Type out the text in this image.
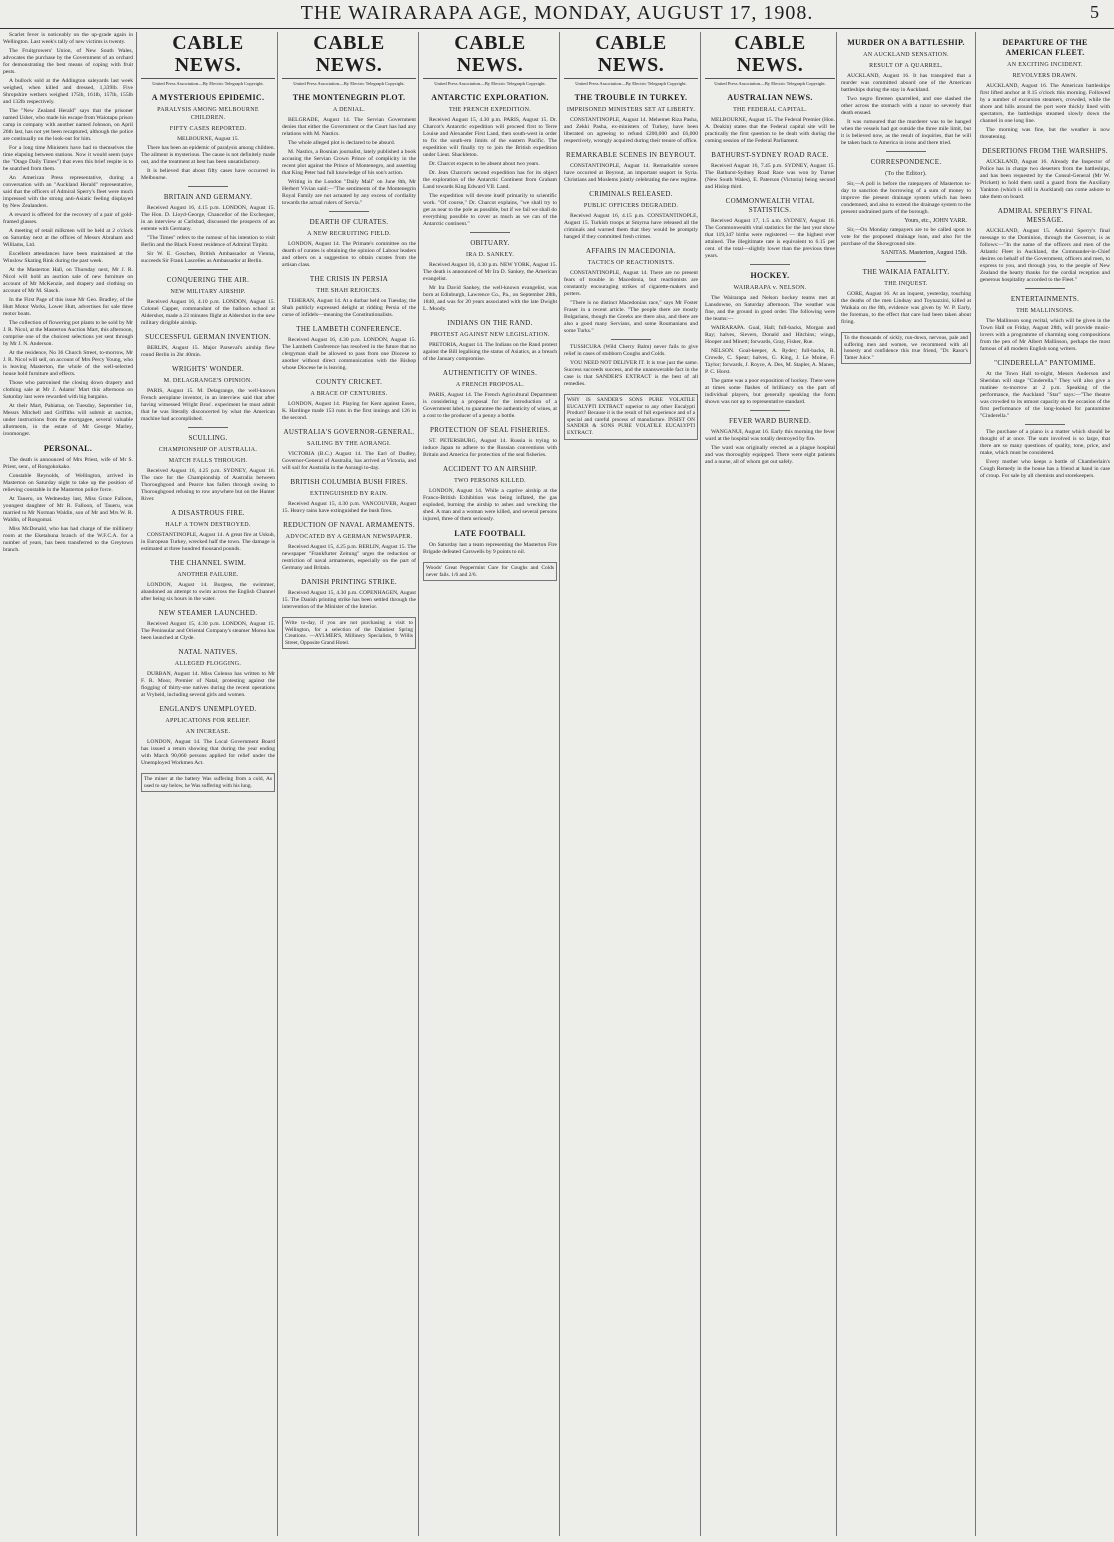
THE WAIRARAPA AGE, MONDAY, AUGUST 17, 1908.	5

Scarlet fever is noticeably on the up-grade again in Wellington. Last week's tally of new victims is twenty.

The Fruitgrowers' Union, of New South Wales, advocates the purchase by the Government of an orchard for demonstrating the best means of coping with fruit pests.

A bullock sold at the Addington saleyards last week weighed, when killed and dressed, 1,339lb. Five Shropshire wethers weighed 175lb, 161lb, 157lb, 155lb and 132lb respectively.

The "New Zealand Herald" says that the prisoner named Usher, who made his escape from Waiotapu prison camp in company with another named Johnson, on April 26th last, has not yet been recaptured, although the police are continually on the look-out for him.

For a long time Ministers have had to themselves the time elapsing between stations. Now it would seem (says the "Otago Daily Times") that even this brief respite is to be snatched from them.

An American Press representative, during a conversation with an "Auckland Herald" representative, said that the officers of Admiral Sperry's fleet were much impressed with the strong anti-Asiatic feeling displayed by New Zealanders.

A reward is offered for the recovery of a pair of gold-framed glasses.

A meeting of retail milkmen will be held at 2 o'clock on Saturday next at the offices of Messrs Abraham and Williams, Ltd.

Excellent attendances have been maintained at the Winslow Skating Rink during the past week.

At the Masterton Hall, on Thursday next, Mr J. R. Nicol will hold an auction sale of new furniture on account of Mr McKenzie, and drapery and clothing on account of Mr M. Slasck.

In the First Page of this issue Mr Geo. Bradley, of the Hutt Motor Works, Lower Hutt, advertises for sale three motor boats.

The collection of flowering pot plants to be sold by Mr J. R. Nicol, at the Masterton Auction Mart, this afternoon, comprise one of the choicest selections yet sent through by Mr J. N. Anderson.

At the residence, No 36 Church Street, to-morrow, Mr J. R. Nicol will sell, on account of Mrs Percy Young, who is leaving Masterton, the whole of the well-selected house hold furniture and effects.

Those who patronised the closing down drapery and clothing sale at Mr J. Adams' Mart this afternoon on Saturday last were rewarded with big bargains.

At their Mart, Pahiatua, on Tuesday, September 1st, Messrs Mitchell and Griffiths will submit at auction, under instructions from the mortgagee, several valuable allotments, in the estate of Mr George Marley, ironmonger.

PERSONAL.

The death is announced of Mrs Priest, wife of Mr S. Priest, senr., of Rongokokako.

Constable Reynolds, of Wellington, arrived in Masterton on Saturday night to take up the position of relieving constable in the Masterton police force.

At Taueru, on Wednesday last, Miss Grace Falloon, youngest daughter of Mr R. Falloon, of Taueru, was married to Mr Norman Waldin, son of Mr and Mrs W. R. Waldin, of Rongomai.

Miss McDonald, who has had charge of the millinery room at the Eketahuna branch of the W.F.C.A. for a number of years, has been transferred to the Greytown branch.

CABLE NEWS.
United Press Association—By Electric Telegraph Copyright.
A MYSTERIOUS EPIDEMIC.
PARALYSIS AMONG MELBOURNE CHILDREN.
FIFTY CASES REPORTED.
MELBOURNE, August 15.

There has been an epidemic of paralysis among children. The ailment is mysterious. The cause is not definitely made out, and the treatment at best has been unsatisfactory.

It is believed that about fifty cases have occurred in Melbourne.

BRITAIN AND GERMANY.

Received August 16, 4.15 p.m. LONDON, August 15. The Hon. D. Lloyd-George, Chancellor of the Exchequer, in an interview at Carlsbad, discussed the prospects of an entente with Germany.

"The Times" refers to the rumour of his intention to visit Berlin and the Black Forest residence of Admiral Tirpitz.

Sir W. E. Goschen, British Ambassador at Vienna, succeeds Sir Frank Lascelles as Ambassador at Berlin.

CONQUERING THE AIR.
NEW MILITARY AIRSHIP.

Received August 16, 4.10 p.m. LONDON, August 15. Colonel Capper, commandant of the balloon school at Aldershot, made a 23 minutes flight at Aldershot in the new military dirigible airship.

SUCCESSFUL GERMAN INVENTION.

BERLIN, August 15. Major Parseval's airship flew round Berlin in 2hr 40min.

WRIGHTS' WONDER.
M. DELAGRANGE'S OPINION.

PARIS, August 15. M. Delagrange, the well-known French aeroplane inventor, in an interview said that after having witnessed Wright Bros'. experiment he must admit that he was literally disconcerted by what the American machine had accomplished.

SCULLING.
CHAMPIONSHIP OF AUSTRALIA.
MATCH FALLS THROUGH.

Received August 16, 4.25 p.m. SYDNEY, August 16. The race for the Championship of Australia between Thoroughgood and Pearce has fallen through owing to Thoroughgood refusing to row anywhere but on the Hunter River.

A DISASTROUS FIRE.
HALF A TOWN DESTROYED.

CONSTANTINOPLE, August 14. A great fire at Uskub, in European Turkey, wrecked half the town. The damage is estimated at three hundred thousand pounds.

THE CHANNEL SWIM.
ANOTHER FAILURE.

LONDON, August 14. Burgess, the swimmer, abandoned an attempt to swim across the English Channel after being six hours in the water.

NEW STEAMER LAUNCHED.

Received August 15, 4.30 p.m. LONDON, August 15. The Peninsular and Oriental Company's steamer Morea has been launched at Clyde.

NATAL NATIVES.
ALLEGED FLOGGING.

DURBAN, August 14. Miss Colenso has written to Mr F. R. Moor, Premier of Natal, protesting against the flogging of thirty-one natives during the recent operations at Vryheid, including several girls and women.

ENGLAND'S UNEMPLOYED.
APPLICATIONS FOR RELIEF.
AN INCREASE.

LONDON, August 14. The Local Government Board has issued a return showing that during the year ending with March 90,060 persons applied for relief under the Unemployed Workmen Act.

The miner at the battery Was suffering from a cold, As used to say below, he Was suffering with his lung.
CABLE NEWS.
United Press Association—By Electric Telegraph Copyright.
THE MONTENEGRIN PLOT.
A DENIAL.

BELGRADE, August 14. The Servian Government denies that either the Government or the Court has had any relations with M. Nastics.

The whole alleged plot is declared to be absurd.

M. Nastics, a Bosnian journalist, lately published a book accusing the Servian Crown Prince of complicity in the recent plot against the Prince of Montenegro, and asserting that King Peter had full knowledge of his son's action.

Writing in the London "Daily Mail" on June 8th, Mr Herbert Vivian said:—"The sentiments of the Montenegrin Royal Family are not actuated by any excess of cordiality towards the actual rulers of Servia."

DEARTH OF CURATES.
A NEW RECRUITING FIELD.

LONDON, August 14. The Primate's committee on the dearth of curates is obtaining the opinion of Labour leaders and others on a suggestion to obtain curates from the artisan class.

THE CRISIS IN PERSIA
THE SHAH REJOICES.

TEHERAN, August 14. At a durbar held on Tuesday, the Shah publicly expressed delight at ridding Persia of the curse of infidels—meaning the Constitutionalists.

THE LAMBETH CONFERENCE.

Received August 16, 4.30 p.m. LONDON, August 15. The Lambeth Conference has resolved in the future that no clergyman shall be allowed to pass from one Diocese to another without direct communication with the Bishop whose Diocese he is leaving.

COUNTY CRICKET.
A BRACE OF CENTURIES.

LONDON, August 14. Playing for Kent against Essex, K. Hardinge made 153 runs in the first innings and 126 in the second.

AUSTRALIA'S GOVERNOR-GENERAL.
SAILING BY THE AORANGI.

VICTORIA (B.C.) August 14. The Earl of Dudley, Governor-General of Australia, has arrived at Victoria, and will sail for Australia in the Aorangi to-day.

BRITISH COLUMBIA BUSH FIRES.
EXTINGUISHED BY RAIN.

Received August 15, 4.30 p.m. VANCOUVER, August 15. Heavy rains have extinguished the bush fires.

REDUCTION OF NAVAL ARMAMENTS.
ADVOCATED BY A GERMAN NEWSPAPER.

Received August 15, 4.25 p.m. BERLIN, August 15. The newspaper "Frankfurter Zeitung" urges the reduction or restriction of naval armaments, especially on the part of Germany and Britain.

DANISH PRINTING STRIKE.

Received August 15, 4.30 p.m. COPENHAGEN, August 15. The Danish printing strike has been settled through the intervention of the Minister of the Interior.

Write to-day, if you are not purchasing a visit to Wellington, for a selection of the Daintiest Spring Creations. —AYLMER'S, Millinery Specialists, 9 Willis Street, Opposite Grand Hotel.
CABLE NEWS.
United Press Association—By Electric Telegraph Copyright.
ANTARCTIC EXPLORATION.
THE FRENCH EXPEDITION.

Received August 15, 4.30 p.m. PARIS, August 15. Dr. Charcot's Antarctic expedition will proceed first to Terre Louise and Alexander First Land, then south-west in order to fix the south-ern limits of the eastern Pacific. The expedition will finally try to join the British expedition under Lieut. Shackleton.

Dr. Charcot expects to be absent about two years.

Dr. Jean Charcot's second expedition has for its object the exploration of the Antarctic Continent from Graham Land towards King Edward VII. Land.

The expedition will devote itself primarily to scientific work. "Of course," Dr. Charcot explains, "we shall try to get as near to the pole as possible, but if we fail we shall do everything possible to cover as much as we can of the Antarctic continent."

OBITUARY.
IRA D. SANKEY.

Received August 16, 4.30 p.m. NEW YORK, August 15. The death is announced of Mr Ira D. Sankey, the American evangelist.

Mr Ira David Sankey, the well-known evangelist, was born at Edinburgh, Lawrence Co., Pa., on September 28th, 1840, and was for 20 years associated with the late Dwight L. Moody.

INDIANS ON THE RAND.
PROTEST AGAINST NEW LEGISLATION.

PRETORIA, August 14. The Indians on the Rand protest against the Bill legalising the status of Asiatics, as a breach of the January compromise.

AUTHENTICITY OF WINES.
A FRENCH PROPOSAL.

PARIS, August 14. The French Agricultural Department is considering a proposal for the introduction of a Government label, to guarantee the authenticity of wines, at a cost to the producer of a penny a bottle.

PROTECTION OF SEAL FISHERIES.

ST. PETERSBURG, August 14. Russia is trying to induce Japan to adhere to the Russian conventions with Britain and America for protection of the seal fisheries.

ACCIDENT TO AN AIRSHIP.
TWO PERSONS KILLED.

LONDON, August 14. While a captive airship at the Franco-British Exhibition was being inflated, the gas exploded, burning the airship to ashes and wrecking the shed. A man and a woman were killed, and several persons injured, three of them seriously.

LATE FOOTBALL

On Saturday last a team representing the Masterton Fire Brigade defeated Carswells by 9 points to nil.

Woods' Great Peppermint Cure for Coughs and Colds never fails. 1/6 and 2/6.
CABLE NEWS.
United Press Association—By Electric Telegraph Copyright.
THE TROUBLE IN TURKEY.
IMPRISONED MINISTERS SET AT LIBERTY.

CONSTANTINOPLE, August 14. Mehemet Riza Pasha, and Zekki Pasha, ex-ministers of Turkey, have been liberated on agreeing to refund £200,000 and £6,000 respectively, wrongly acquired during their tenure of office.

REMARKABLE SCENES IN BEYROUT.

CONSTANTINOPLE, August 14. Remarkable scenes have occurred at Beyrout, an important seaport in Syria. Christians and Moslems jointly celebrating the new regime.

CRIMINALS RELEASED.
PUBLIC OFFICERS DEGRADED.

Received August 16, 4.15 p.m. CONSTANTINOPLE, August 15. Turkish troops at Smyrna have released all the criminals and warned them that they would be promptly hanged if they committed fresh crimes.

AFFAIRS IN MACEDONIA.
TACTICS OF REACTIONISTS.

CONSTANTINOPLE, August 14. There are no present fears of trouble in Macedonia, but reactionists are constantly encouraging strikes of cigarette-makers and porters.

"There is no distinct Macedonian race," says Mr Foster Fraser in a recent article. "The people there are mostly Bulgarians, though the Greeks are there also, and there are also a good many Servians, and some Roumanians and some Turks."

TUSSICURA (Wild Cherry Balm) never fails to give relief in cases of stubborn Coughs and Colds.

YOU NEED NOT DELIVER IT. It is true just the same. Success succeeds success, and the unanswerable fact in the case is that SANDER'S EXTRACT is the best of all remedies.

WHY IS SANDER'S SONS PURE VOLATILE EUCALYPTI EXTRACT superior to any other Eucalypti Product? Because it is the result of full experience and of a special and careful process of manufacture. INSIST ON SANDER & SONS PURE VOLATILE EUCALYPTI EXTRACT.
CABLE NEWS.
United Press Association—By Electric Telegraph Copyright.
AUSTRALIAN NEWS.
THE FEDERAL CAPITAL.

MELBOURNE, August 15. The Federal Premier (Hon. A. Deakin) states that the Federal capital site will be practically the first question to be dealt with during the coming session of the Federal Parliament.

BATHURST-SYDNEY ROAD RACE.

Received August 16, 7.45 p.m. SYDNEY, August 15. The Bathurst-Sydney Road Race was won by Turner (New South Wales), E. Paterson (Victoria) being second and Hislop third.

COMMONWEALTH VITAL STATISTICS.

Received August 17, 1.5 a.m. SYDNEY, August 16. The Commonwealth vital statistics for the last year show that 119,347 births were registered — the highest ever attained. The illegitimate rate is equivalent to 6.15 per cent. of the total—slightly lower than the previous three years.

HOCKEY.
WAIRARAPA v. NELSON.

The Wairarapa and Nelson hockey teams met at Lansdowne, on Saturday afternoon. The weather was fine, and the ground in good order. The following were the teams:—

WAIRARAPA. Goal, Hall; full-backs, Morgan and Ray; halves, Sievers, Donald and Hitchins; wings, Hooper and Minett; forwards, Gray, Fisher, Rue.

NELSON. Goal-keeper, A. Ryder; full-backs, R. Crowde, C. Spear; halves, G. King, J. Le Moine, F. Taylor; forwards, J. Royce, A. Des, M. Stapler, A. Manes, P. C. Horst.

The game was a poor exposition of hockey. There were at times some flashes of brilliancy on the part of individual players, but generally speaking the form shown was not up to representative standard.

FEVER WARD BURNED.

WANGANUI, August 16. Early this morning the fever ward at the hospital was totally destroyed by fire.

The ward was originally erected as a plague hospital and was thoroughly equipped. There were eight patients and a nurse, all of whom got out safely.

MURDER ON A BATTLESHIP.
AN AUCKLAND SENSATION.
RESULT OF A QUARREL.

AUCKLAND, August 16. It has transpired that a murder was committed aboard one of the American battleships during the stay in Auckland.

Two negro firemen quarrelled, and one slashed the other across the stomach with a razor so severely that death ensued.

It was rumoured that the murderer was to be hanged when the vessels had got outside the three mile limit, but it is believed now, as the result of inquiries, that he will be taken back to America in irons and there tried.

CORRESPONDENCE.
(To the Editor).

Sir,—A poll is before the ratepayers of Masterton to-day to sanction the borrowing of a sum of money to improve the present drainage system which has been condemned, and also to extend the drainage system to the present undrained parts of the borough.

Yours, etc., JOHN YARR.

Sir,—On Monday ratepayers are to be called upon to vote for the proposed drainage loan, and also for the purchase of the Showground site.

SANITAS. Masterton, August 15th.
THE WAIKAIA FATALITY.
THE INQUEST.

GORE, August 16. At an inquest, yesterday, touching the deaths of the men Lindsay and Toynazzini, killed at Waikaia on the 8th, evidence was given by W. P. Early, the foreman, to the effect that care had been taken about firing.

To the thousands of sickly, run-down, nervous, pale and suffering men and women, we recommend with all honesty and confidence this true friend, "Dr. Rasor's Tamer Juice."
DEPARTURE OF THE AMERICAN FLEET.
AN EXCITING INCIDENT.
REVOLVERS DRAWN.

AUCKLAND, August 16. The American battleships first lifted anchor at 8.15 o'clock this morning. Followed by a number of excursion steamers, crowded, while the shore and hills around the port were thickly lined with spectators, the battleships steamed slowly down the channel in one long line.

The morning was fine, but the weather is now threatening.

DESERTIONS FROM THE WARSHIPS.

AUCKLAND, August 16. Already the Inspector of Police has in charge two deserters from the battleships, and has been requested by the Consul-General (Mr W. Prickett) to hold them until a guard from the Auxiliary Yankton (which is still in Auckland) can come ashore to take them on board.

ADMIRAL SPERRY'S FINAL MESSAGE.

AUCKLAND, August 15. Admiral Sperry's final message to the Dominion, through the Governor, is as follows:—"In the name of the officers and men of the Atlantic Fleet in Auckland, the Commander-in-Chief desires on behalf of the Government, officers and men, to express to you, and through you, to the people of New Zealand the hearty thanks for the cordial reception and generous hospitality accorded to the Fleet."

ENTERTAINMENTS.
THE MALLINSONS.

The Mallinson song recital, which will be given in the Town Hall on Friday, August 28th, will provide music-lovers with a programme of charming song compositions from the pen of Mr Albert Mallinson, perhaps the most famous of all modern English song writers.

"CINDERELLA" PANTOMIME.

At the Town Hall to-night, Messrs Anderson and Sheridan will stage "Cinderella." They will also give a matinee to-morrow at 2 p.m. Speaking of the performance, the Auckland "Star" says:—"The theatre was crowded to its utmost capacity on the occasion of the first performance of the long-looked for pantomime "Cinderella."

The purchase of a piano is a matter which should be thought of at once. The sum involved is so large, that there are so many questions of quality, tone, price, and make, which must be considered.

Every mother who keeps a bottle of Chamberlain's Cough Remedy in the house has a friend at hand in case of croup. For sale by all chemists and storekeepers.
